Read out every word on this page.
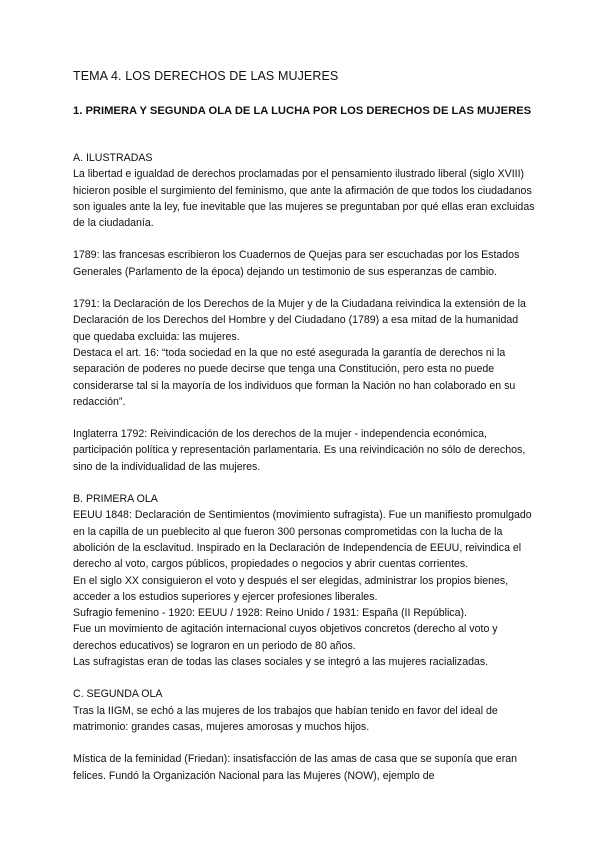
TEMA 4. LOS DERECHOS DE LAS MUJERES
1. PRIMERA Y SEGUNDA OLA DE LA LUCHA POR LOS DERECHOS DE LAS MUJERES

A. ILUSTRADAS

La libertad e igualdad de derechos proclamadas por el pensamiento ilustrado liberal (siglo XVIII) hicieron posible el surgimiento del feminismo, que ante la afirmación de que todos los ciudadanos son iguales ante la ley, fue inevitable que las mujeres se preguntaban por qué ellas eran excluidas de la ciudadanía.

1789: las francesas escribieron los Cuadernos de Quejas para ser escuchadas por los Estados Generales (Parlamento de la época) dejando un testimonio de sus esperanzas de cambio.

1791: la Declaración de los Derechos de la Mujer y de la Ciudadana reivindica la extensión de la Declaración de los Derechos del Hombre y del Ciudadano (1789) a esa mitad de la humanidad que quedaba excluida: las mujeres.

Destaca el art. 16: “toda sociedad en la que no esté asegurada la garantía de derechos ni la separación de poderes no puede decirse que tenga una Constitución, pero esta no puede considerarse tal si la mayoría de los individuos que forman la Nación no han colaborado en su redacción”.

Inglaterra 1792: Reivindicación de los derechos de la mujer - independencia económica, participación política y representación parlamentaria. Es una reivindicación no sólo de derechos, sino de la individualidad de las mujeres.

B. PRIMERA OLA

EEUU 1848: Declaración de Sentimientos (movimiento sufragista). Fue un manifiesto promulgado en la capilla de un pueblecito al que fueron 300 personas comprometidas con la lucha de la abolición de la esclavitud. Inspirado en la Declaración de Independencia de EEUU, reivindica el derecho al voto, cargos públicos, propiedades o negocios y abrir cuentas corrientes.

En el siglo XX consiguieron el voto y después el ser elegidas, administrar los propios bienes, acceder a los estudios superiores y ejercer profesiones liberales.

Sufragio femenino - 1920: EEUU / 1928: Reino Unido / 1931: España (II República).

Fue un movimiento de agitación internacional cuyos objetivos concretos (derecho al voto y derechos educativos) se lograron en un periodo de 80 años.

Las sufragistas eran de todas las clases sociales y se integró a las mujeres racializadas.

C. SEGUNDA OLA

Tras la IIGM, se echó a las mujeres de los trabajos que habían tenido en favor del ideal de matrimonio: grandes casas, mujeres amorosas y muchos hijos.

Mística de la feminidad (Friedan): insatisfacción de las amas de casa que se suponía que eran felices. Fundó la Organización Nacional para las Mujeres (NOW), ejemplo de
